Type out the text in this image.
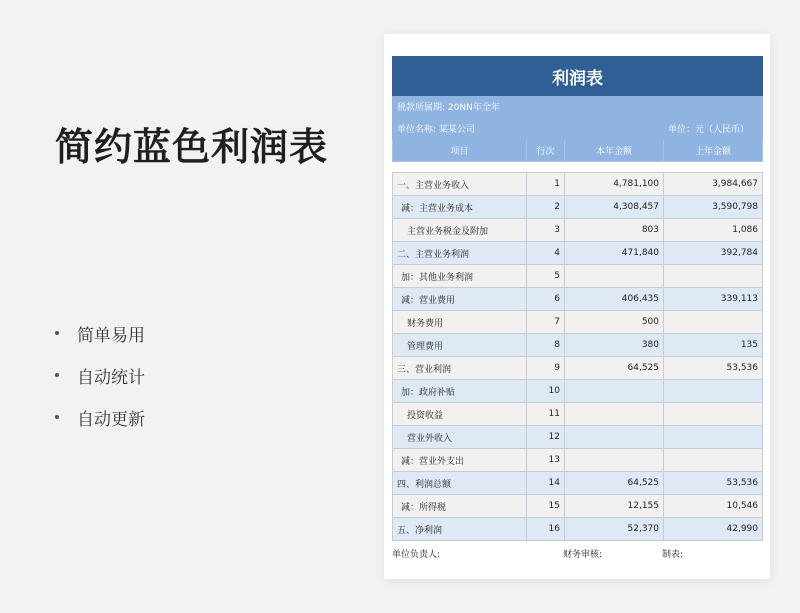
简约蓝色利润表
简单易用
自动统计
自动更新
利润表			
税款所属期: 20NN年全年			
单位名称: 某某公司			单位：元（人民币）
项目	行次	本年金额	上年金额

一、主营业务收入	1	4,781,100	3,984,667
减：主营业务成本	2	4,308,457	3,590,798
主营业务税金及附加	3	803	1,086
二、主营业务利润	4	471,840	392,784
加：其他业务利润	5		
减：营业费用	6	406,435	339,113
财务费用	7	500	
管理费用	8	380	135
三、营业利润	9	64,525	53,536
加：政府补贴	10		
投资收益	11		
营业外收入	12		
减：营业外支出	13		
四、利润总额	14	64,525	53,536
减：所得税	15	12,155	10,546
五、净利润	16	52,370	42,990
单位负责人:	财务审核:	制表:
